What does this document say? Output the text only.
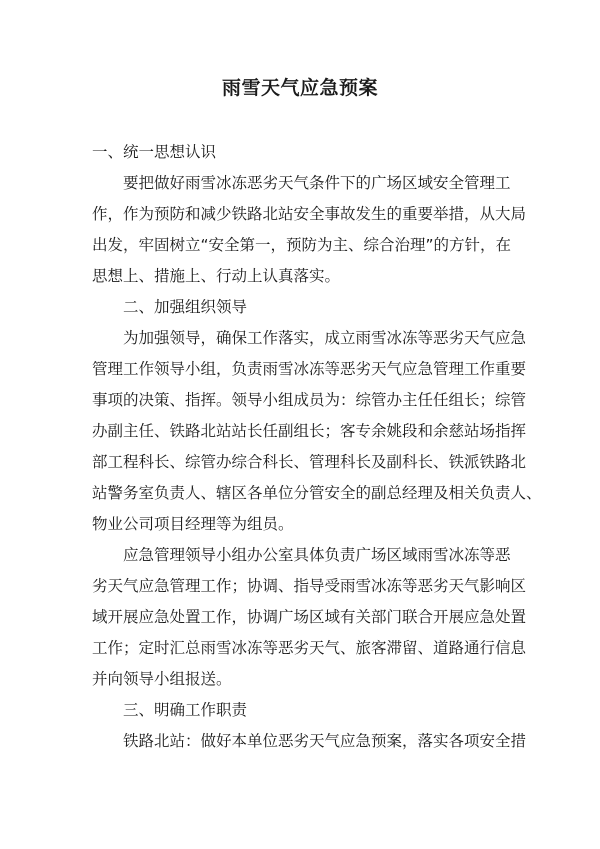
雨雪天气应急预案
一、统一思想认识
要把做好雨雪冰冻恶劣天气条件下的广场区域安全管理工
作，作为预防和减少铁路北站安全事故发生的重要举措，从大局
出发，牢固树立“安全第一，预防为主、综合治理”的方针，在
思想上、措施上、行动上认真落实。
二、加强组织领导
为加强领导，确保工作落实，成立雨雪冰冻等恶劣天气应急
管理工作领导小组，负责雨雪冰冻等恶劣天气应急管理工作重要
事项的决策、指挥。领导小组成员为：综管办主任任组长；综管
办副主任、铁路北站站长任副组长；客专余姚段和余慈站场指挥
部工程科长、综管办综合科长、管理科长及副科长、铁派铁路北
站警务室负责人、辖区各单位分管安全的副总经理及相关负责人、
物业公司项目经理等为组员。
应急管理领导小组办公室具体负责广场区域雨雪冰冻等恶
劣天气应急管理工作；协调、指导受雨雪冰冻等恶劣天气影响区
域开展应急处置工作，协调广场区域有关部门联合开展应急处置
工作；定时汇总雨雪冰冻等恶劣天气、旅客滞留、道路通行信息
并向领导小组报送。
三、明确工作职责
铁路北站：做好本单位恶劣天气应急预案，落实各项安全措
